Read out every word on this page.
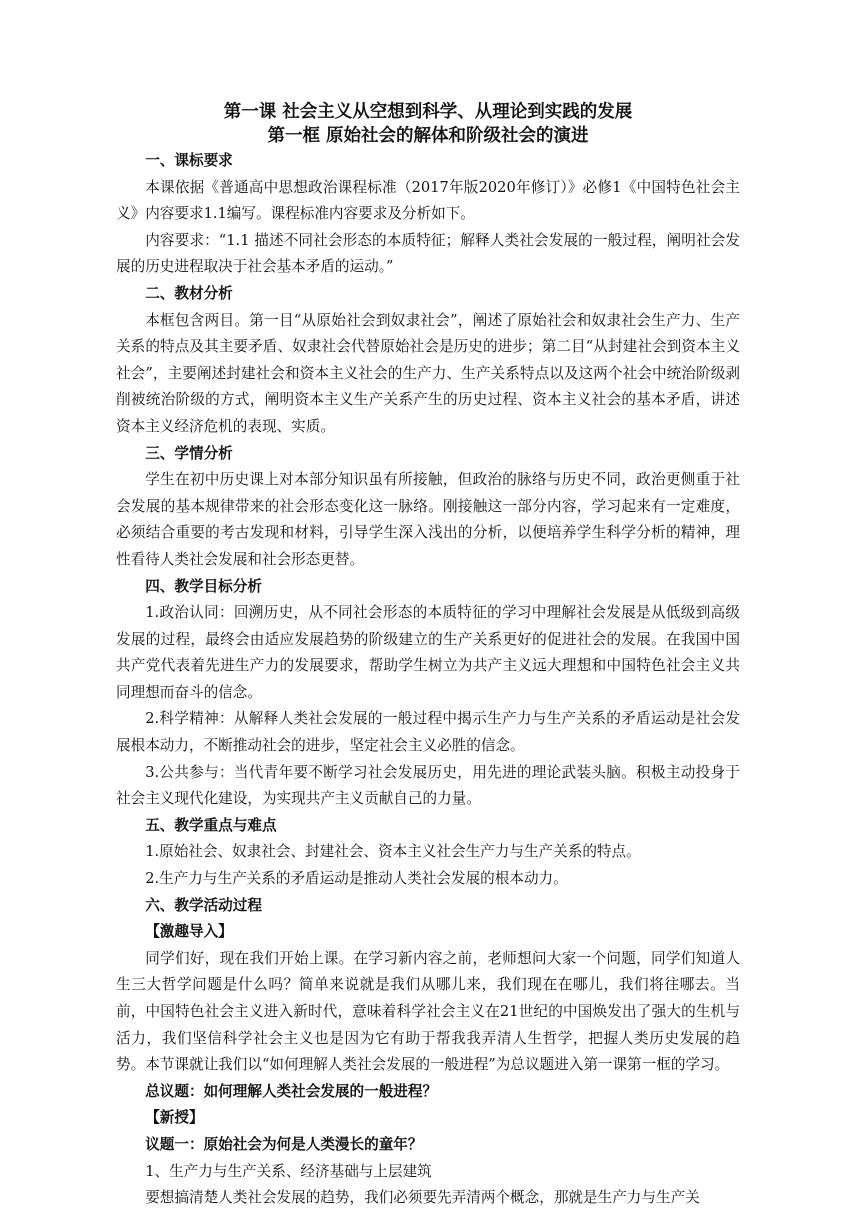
第一课 社会主义从空想到科学、从理论到实践的发展
第一框 原始社会的解体和阶级社会的演进
一、课标要求

本课依据《普通高中思想政治课程标准（2017年版2020年修订）》必修1《中国特色社会主义》内容要求1.1编写。课程标准内容要求及分析如下。

内容要求：“1.1 描述不同社会形态的本质特征；解释人类社会发展的一般过程，阐明社会发展的历史进程取决于社会基本矛盾的运动。”

二、教材分析

本框包含两目。第一目“从原始社会到奴隶社会”，阐述了原始社会和奴隶社会生产力、生产关系的特点及其主要矛盾、奴隶社会代替原始社会是历史的进步；第二目“从封建社会到资本主义社会”，主要阐述封建社会和资本主义社会的生产力、生产关系特点以及这两个社会中统治阶级剥削被统治阶级的方式，阐明资本主义生产关系产生的历史过程、资本主义社会的基本矛盾，讲述资本主义经济危机的表现、实质。

三、学情分析

学生在初中历史课上对本部分知识虽有所接触，但政治的脉络与历史不同，政治更侧重于社会发展的基本规律带来的社会形态变化这一脉络。刚接触这一部分内容，学习起来有一定难度，必须结合重要的考古发现和材料，引导学生深入浅出的分析，以便培养学生科学分析的精神，理性看待人类社会发展和社会形态更替。

四、教学目标分析

1.政治认同：回溯历史，从不同社会形态的本质特征的学习中理解社会发展是从低级到高级发展的过程，最终会由适应发展趋势的阶级建立的生产关系更好的促进社会的发展。在我国中国共产党代表着先进生产力的发展要求，帮助学生树立为共产主义远大理想和中国特色社会主义共同理想而奋斗的信念。

2.科学精神：从解释人类社会发展的一般过程中揭示生产力与生产关系的矛盾运动是社会发展根本动力，不断推动社会的进步，坚定社会主义必胜的信念。

3.公共参与：当代青年要不断学习社会发展历史，用先进的理论武装头脑。积极主动投身于社会主义现代化建设，为实现共产主义贡献自己的力量。

五、教学重点与难点

1.原始社会、奴隶社会、封建社会、资本主义社会生产力与生产关系的特点。

2.生产力与生产关系的矛盾运动是推动人类社会发展的根本动力。

六、教学活动过程

【激趣导入】

同学们好，现在我们开始上课。在学习新内容之前，老师想问大家一个问题，同学们知道人生三大哲学问题是什么吗？简单来说就是我们从哪儿来，我们现在在哪儿，我们将往哪去。当前，中国特色社会主义进入新时代，意味着科学社会主义在21世纪的中国焕发出了强大的生机与活力，我们坚信科学社会主义也是因为它有助于帮我我弄清人生哲学，把握人类历史发展的趋势。本节课就让我们以“如何理解人类社会发展的一般进程”为总议题进入第一课第一框的学习。

总议题：如何理解人类社会发展的一般进程？

【新授】

议题一：原始社会为何是人类漫长的童年？

1、生产力与生产关系、经济基础与上层建筑

要想搞清楚人类社会发展的趋势，我们必须要先弄清两个概念，那就是生产力与生产关
